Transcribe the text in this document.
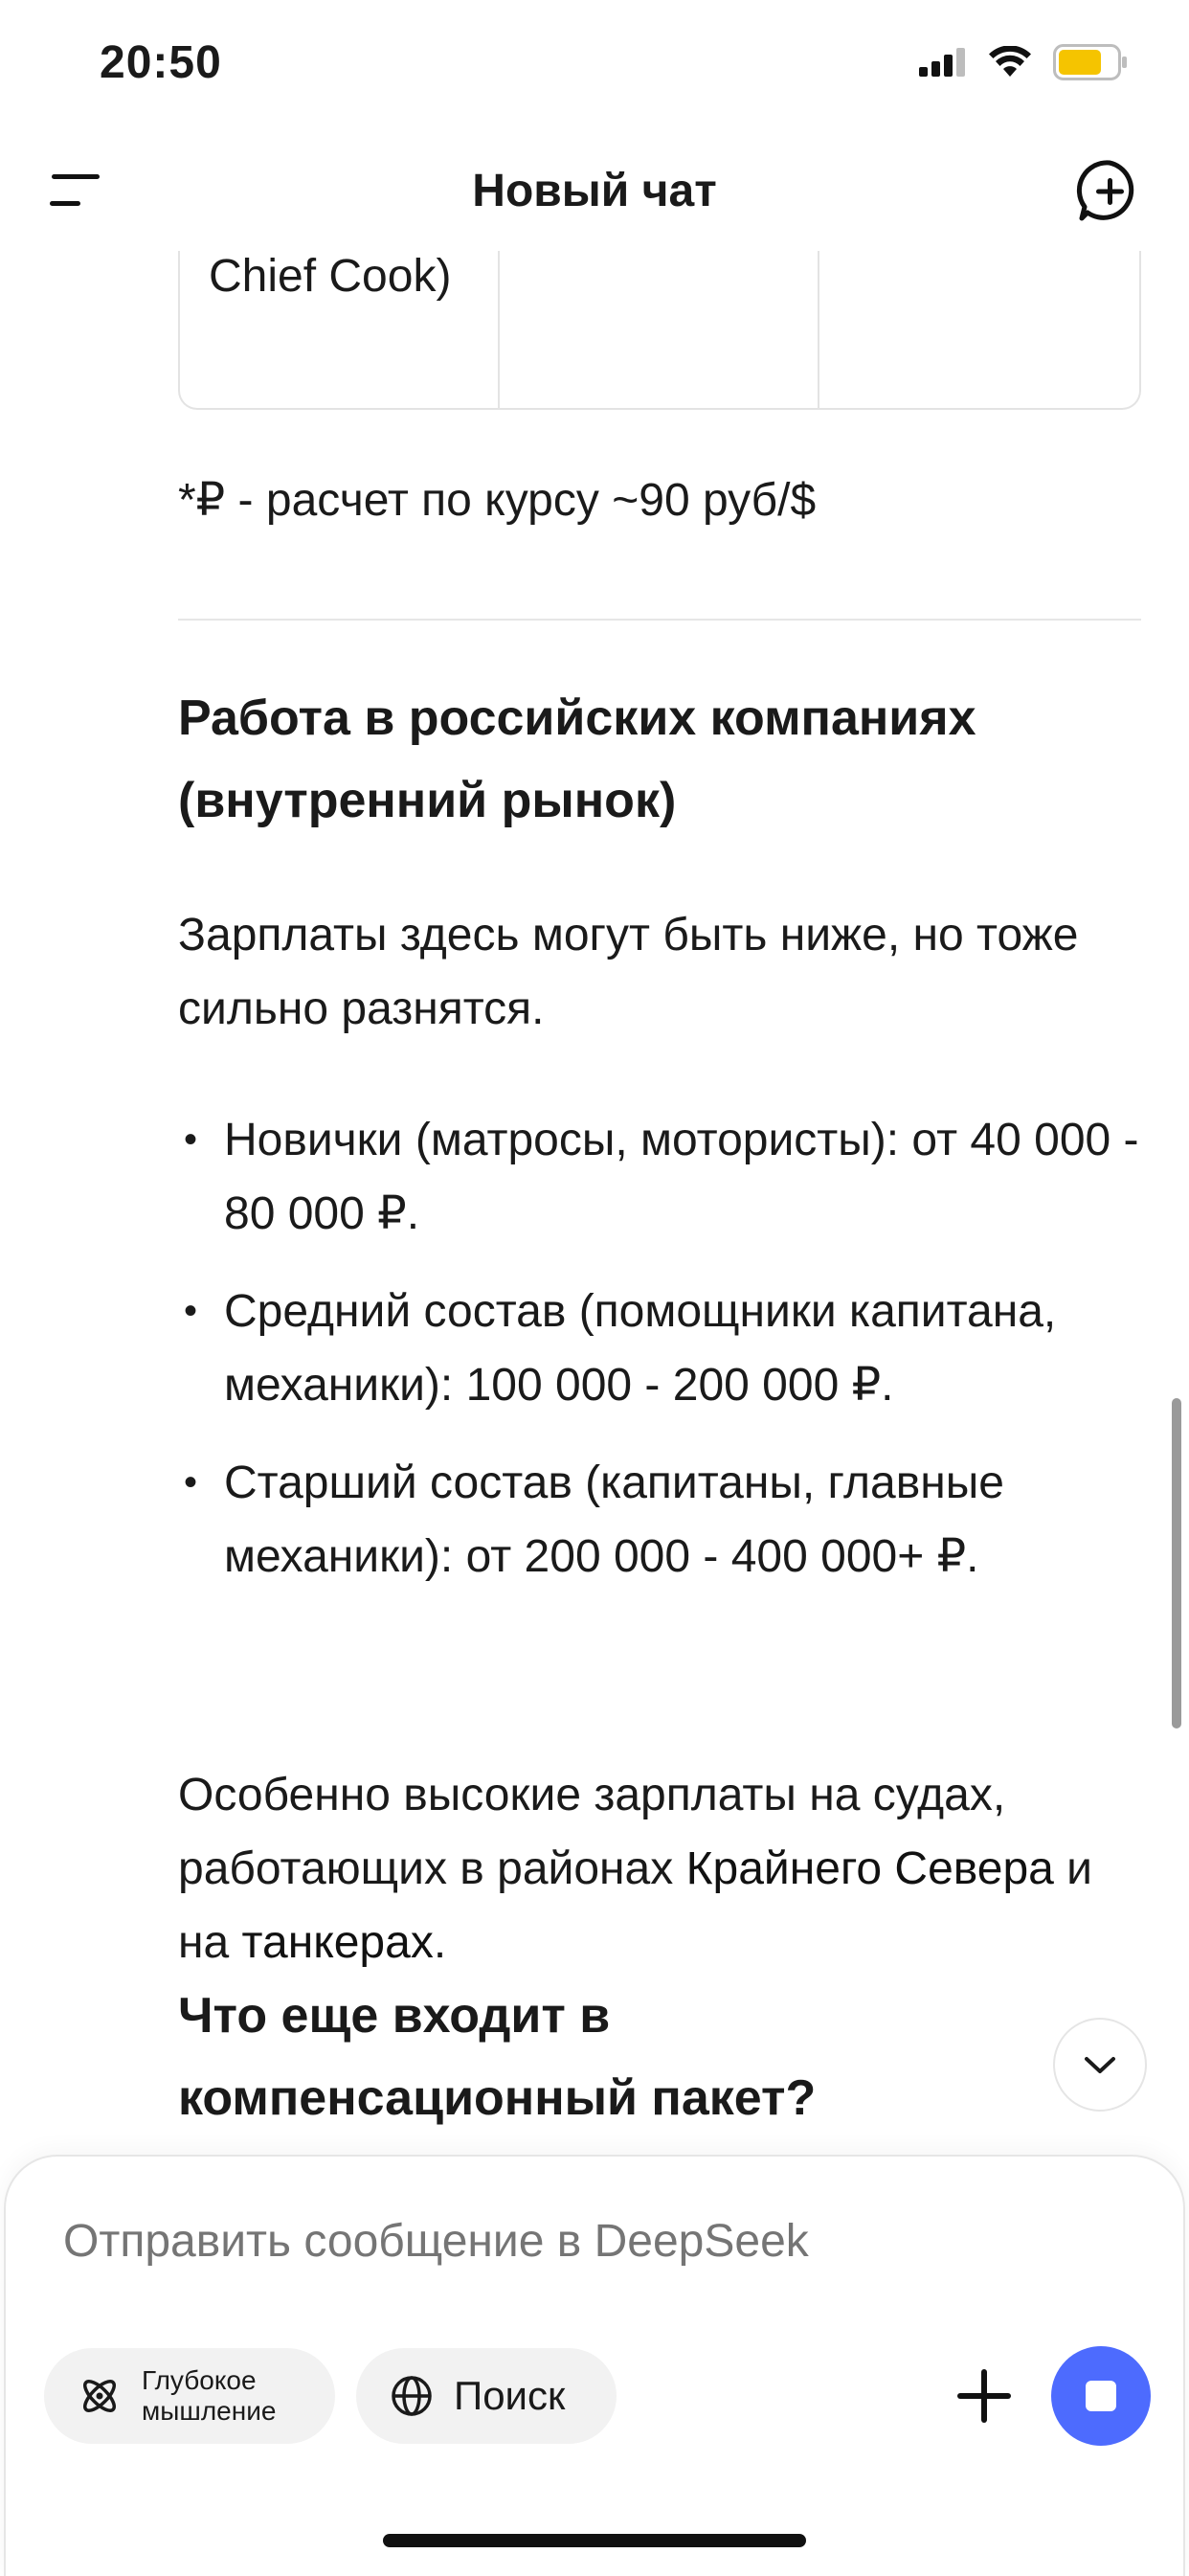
20:50
Новый чат
Chief Cook)
*₽ - расчет по курсу ~90 руб/$
Работа в российских компаниях
(внутренний рынок)
Зарплаты здесь могут быть ниже, но тоже сильно разнятся.
• Новички (матросы, мотористы): от 40 000 - 80 000 ₽.
• Средний состав (помощники капитана, механики): 100 000 - 200 000 ₽.
• Старший состав (капитаны, главные механики): от 200 000 - 400 000+ ₽.
Особенно высокие зарплаты на судах, работающих в районах Крайнего Севера и на танкерах.
Что еще входит в
компенсационный пакет?
Отправить сообщение в DeepSeek
Глубокое мышление	Поиск
